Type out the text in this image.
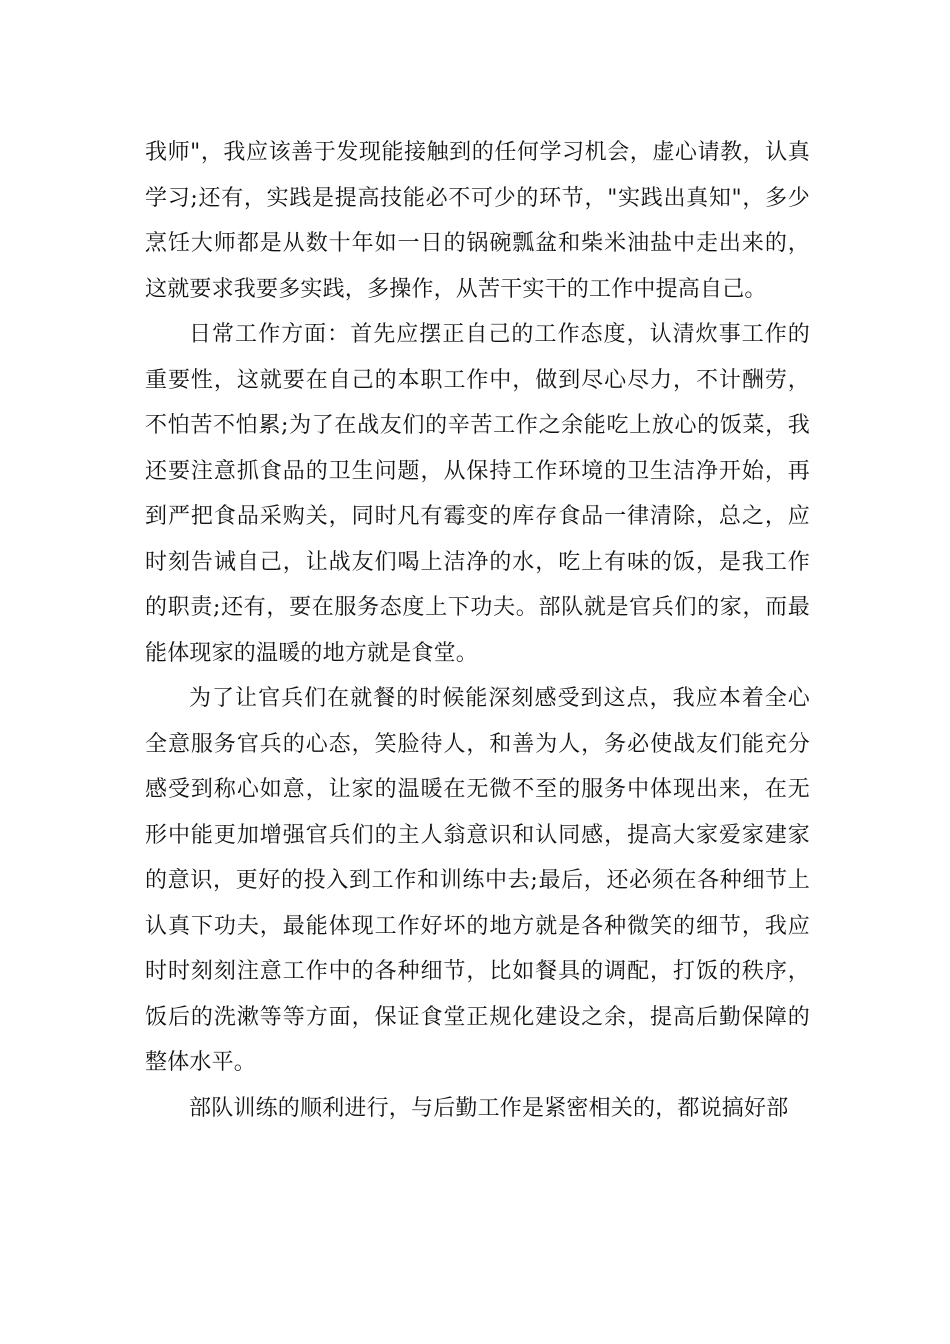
我师"，我应该善于发现能接触到的任何学习机会，虚心请教，认真学习;还有，实践是提高技能必不可少的环节，"实践出真知"，多少烹饪大师都是从数十年如一日的锅碗瓢盆和柴米油盐中走出来的，这就要求我要多实践，多操作，从苦干实干的工作中提高自己。

日常工作方面：首先应摆正自己的工作态度，认清炊事工作的重要性，这就要在自己的本职工作中，做到尽心尽力，不计酬劳，不怕苦不怕累;为了在战友们的辛苦工作之余能吃上放心的饭菜，我还要注意抓食品的卫生问题，从保持工作环境的卫生洁净开始，再到严把食品采购关，同时凡有霉变的库存食品一律清除，总之，应时刻告诫自己，让战友们喝上洁净的水，吃上有味的饭，是我工作的职责;还有，要在服务态度上下功夫。部队就是官兵们的家，而最能体现家的温暖的地方就是食堂。

为了让官兵们在就餐的时候能深刻感受到这点，我应本着全心全意服务官兵的心态，笑脸待人，和善为人，务必使战友们能充分感受到称心如意，让家的温暖在无微不至的服务中体现出来，在无形中能更加增强官兵们的主人翁意识和认同感，提高大家爱家建家的意识，更好的投入到工作和训练中去;最后，还必须在各种细节上认真下功夫，最能体现工作好坏的地方就是各种微笑的细节，我应时时刻刻注意工作中的各种细节，比如餐具的调配，打饭的秩序，饭后的洗漱等等方面，保证食堂正规化建设之余，提高后勤保障的整体水平。

部队训练的顺利进行，与后勤工作是紧密相关的，都说搞好部
